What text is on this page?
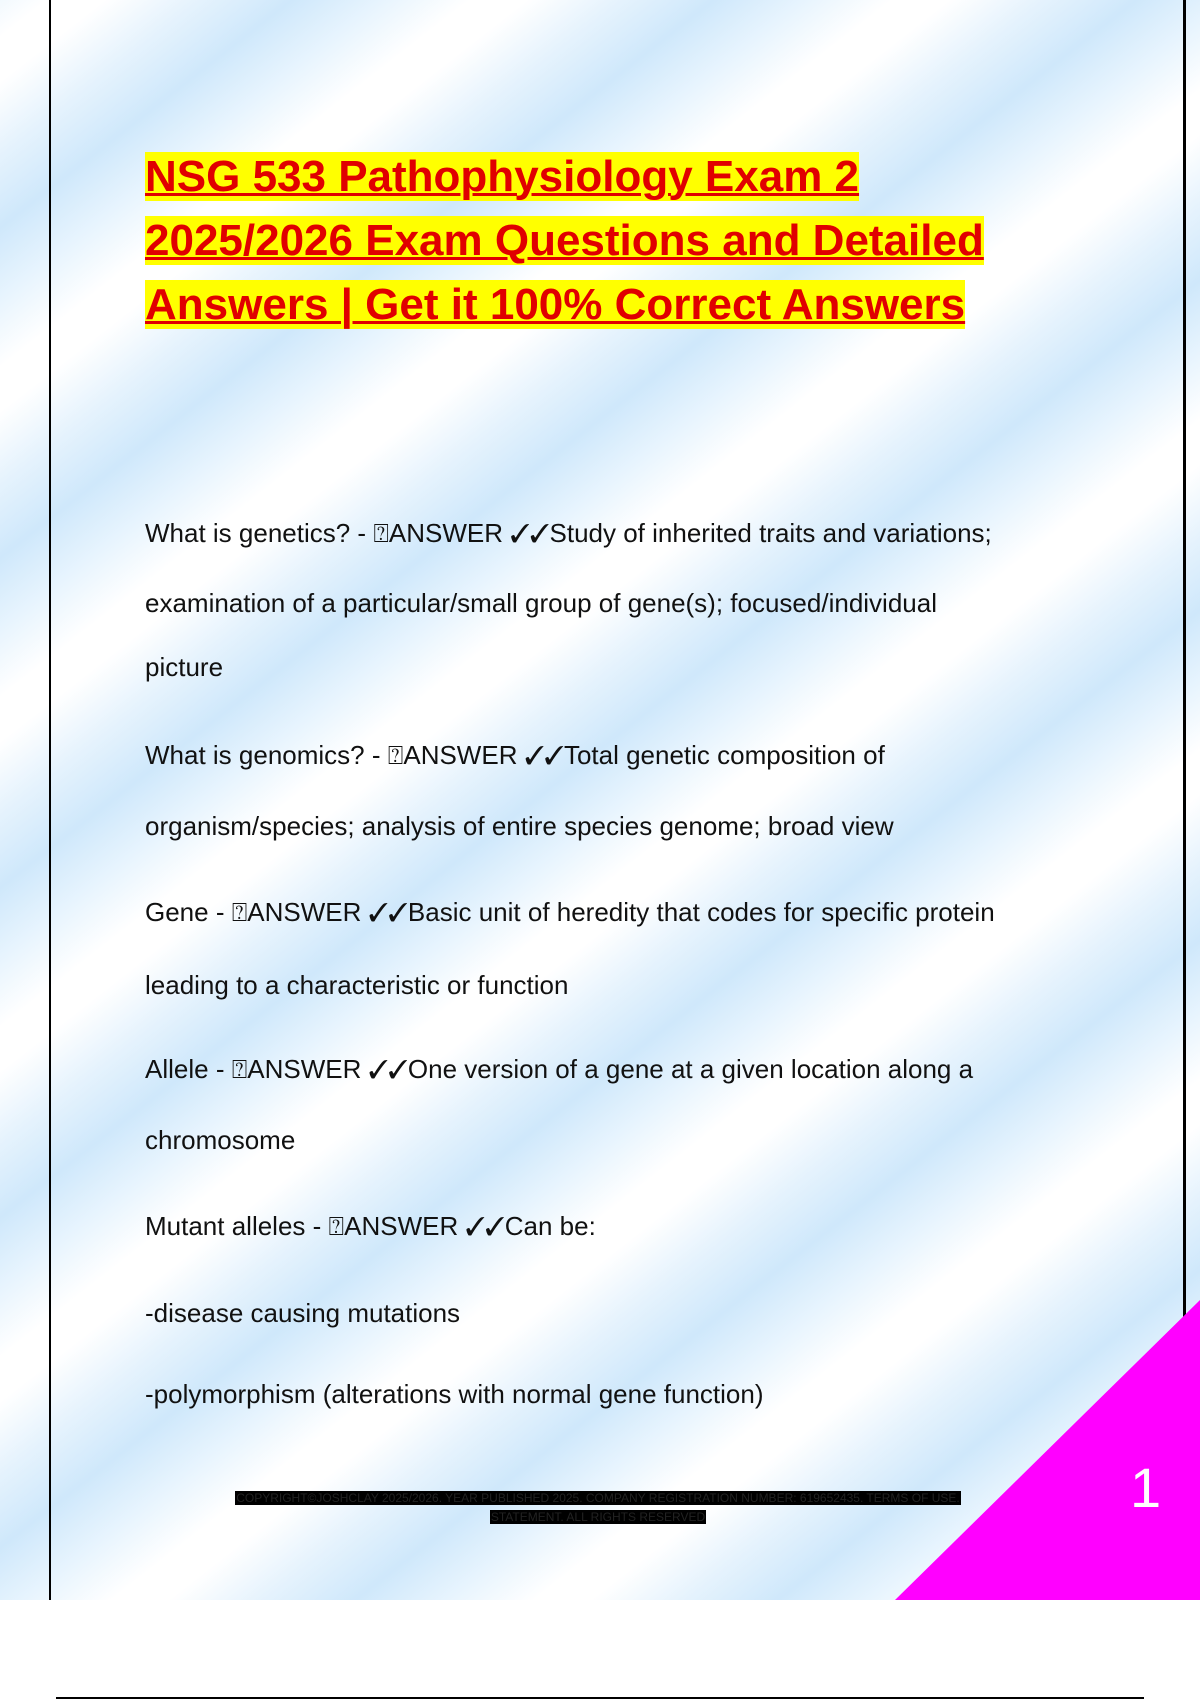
NSG 533 Pathophysiology Exam 2
2025/2026 Exam Questions and Detailed
Answers | Get it 100% Correct Answers
What is genetics? - ⍰ANSWER ✓✓Study of inherited traits and variations;
examination of a particular/small group of gene(s); focused/individual
picture
What is genomics? - ⍰ANSWER ✓✓Total genetic composition of
organism/species; analysis of entire species genome; broad view
Gene - ⍰ANSWER ✓✓Basic unit of heredity that codes for specific protein
leading to a characteristic or function
Allele - ⍰ANSWER ✓✓One version of a gene at a given location along a
chromosome
Mutant alleles - ⍰ANSWER ✓✓Can be:
-disease causing mutations
-polymorphism (alterations with normal gene function)
1
COPYRIGHT©JOSHCLAY 2025/2026. YEAR PUBLISHED 2025. COMPANY REGISTRATION NUMBER: 619652435. TERMS OF USE.
STATEMENT. ALL RIGHTS RESERVED
